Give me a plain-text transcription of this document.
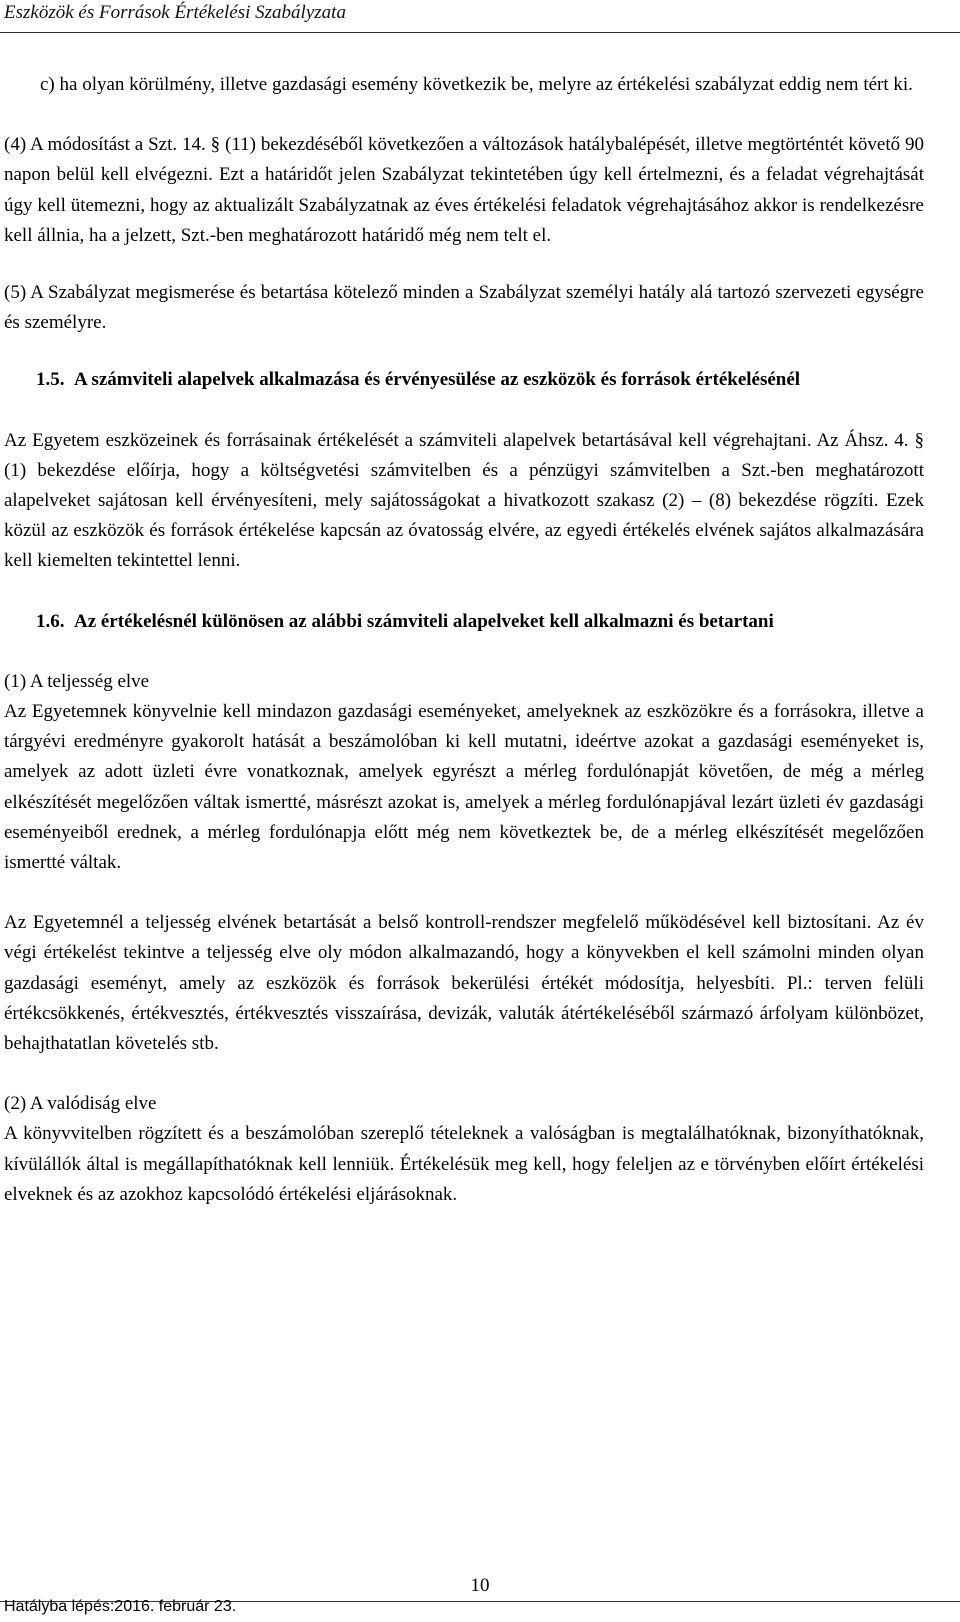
Eszközök és Források Értékelési Szabályzata

c) ha olyan körülmény, illetve gazdasági esemény következik be, melyre az értékelési szabályzat eddig nem tért ki.

(4) A módosítást a Szt. 14. § (11) bekezdéséből következően a változások hatálybalépését, illetve megtörténtét követő 90 napon belül kell elvégezni. Ezt a határidőt jelen Szabályzat tekintetében úgy kell értelmezni, és a feladat végrehajtását úgy kell ütemezni, hogy az aktualizált Szabályzatnak az éves értékelési feladatok végrehajtásához akkor is rendelkezésre kell állnia, ha a jelzett, Szt.-ben meghatározott határidő még nem telt el.

(5) A Szabályzat megismerése és betartása kötelező minden a Szabályzat személyi hatály alá tartozó szervezeti egységre és személyre.

1.5. A számviteli alapelvek alkalmazása és érvényesülése az eszközök és források értékelésénél

Az Egyetem eszközeinek és forrásainak értékelését a számviteli alapelvek betartásával kell végrehajtani. Az Áhsz. 4. § (1) bekezdése előírja, hogy a költségvetési számvitelben és a pénzügyi számvitelben a Szt.-ben meghatározott alapelveket sajátosan kell érvényesíteni, mely sajátosságokat a hivatkozott szakasz (2) – (8) bekezdése rögzíti. Ezek közül az eszközök és források értékelése kapcsán az óvatosság elvére, az egyedi értékelés elvének sajátos alkalmazására kell kiemelten tekintettel lenni.

1.6. Az értékelésnél különösen az alábbi számviteli alapelveket kell alkalmazni és betartani

(1) A teljesség elve

Az Egyetemnek könyvelnie kell mindazon gazdasági eseményeket, amelyeknek az eszközökre és a forrásokra, illetve a tárgyévi eredményre gyakorolt hatását a beszámolóban ki kell mutatni, ideértve azokat a gazdasági eseményeket is, amelyek az adott üzleti évre vonatkoznak, amelyek egyrészt a mérleg fordulónapját követően, de még a mérleg elkészítését megelőzően váltak ismertté, másrészt azokat is, amelyek a mérleg fordulónapjával lezárt üzleti év gazdasági eseményeiből erednek, a mérleg fordulónapja előtt még nem következtek be, de a mérleg elkészítését megelőzően ismertté váltak.

Az Egyetemnél a teljesség elvének betartását a belső kontroll-rendszer megfelelő működésével kell biztosítani. Az év végi értékelést tekintve a teljesség elve oly módon alkalmazandó, hogy a könyvekben el kell számolni minden olyan gazdasági eseményt, amely az eszközök és források bekerülési értékét módosítja, helyesbíti. Pl.: terven felüli értékcsökkenés, értékvesztés, értékvesztés visszaírása, devizák, valuták átértékeléséből származó árfolyam különbözet, behajthatatlan követelés stb.

(2) A valódiság elve

A könyvvitelben rögzített és a beszámolóban szereplő tételeknek a valóságban is megtalálhatóknak, bizonyíthatóknak, kívülállók által is megállapíthatóknak kell lenniük. Értékelésük meg kell, hogy feleljen az e törvényben előírt értékelési elveknek és az azokhoz kapcsolódó értékelési eljárásoknak.

10
Hatályba lépés:2016. február 23.
